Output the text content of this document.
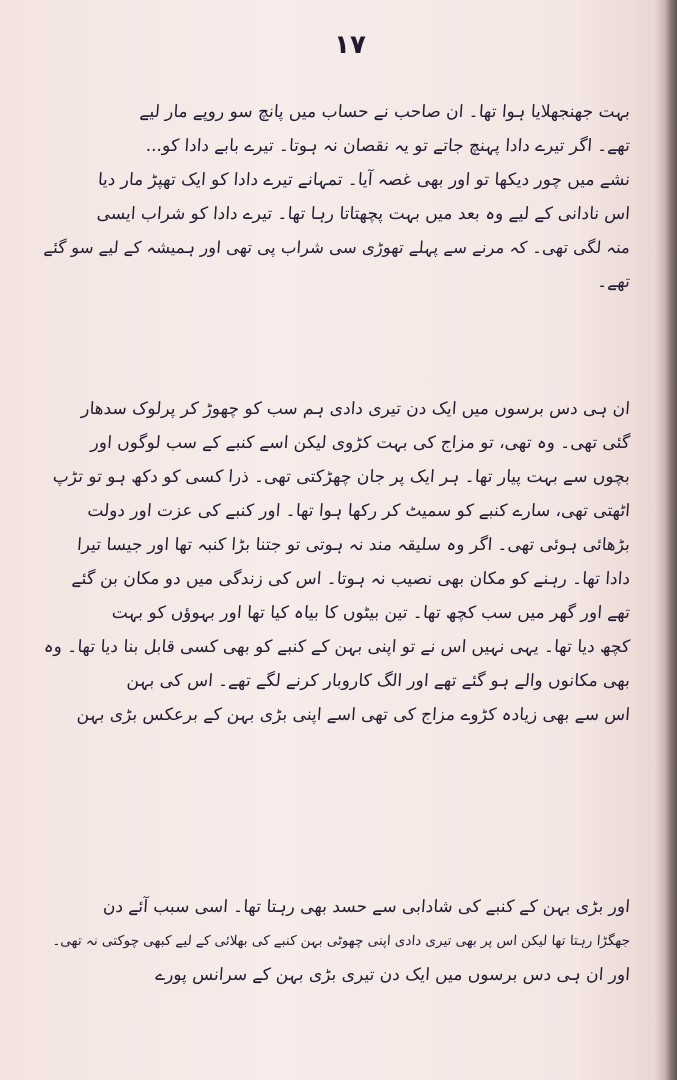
۱۷
بہت جھنجھلایا ہوا تھا۔ ان صاحب نے حساب میں پانچ سو روپے مار لیے
تھے۔ اگر تیرے دادا پہنچ جاتے تو یہ نقصان نہ ہوتا۔ تیرے بابے دادا کو...
نشے میں چور دیکھا تو اور بھی غصہ آیا۔ تمہانے تیرے دادا کو ایک تھپڑ مار دیا
اس نادانی کے لیے وہ بعد میں بہت پچھتاتا رہا تھا۔ تیرے دادا کو شراب ایسی
منہ لگی تھی۔ کہ مرنے سے پہلے تھوڑی سی شراب پی تھی اور ہمیشہ کے لیے سو گئے
تھے۔
ان ہی دس برسوں میں ایک دن تیری دادی ہم سب کو چھوڑ کر پرلوک سدھار
گئی تھی۔ وہ تھی، تو مزاج کی بہت کڑوی لیکن اسے کنبے کے سب لوگوں اور
بچوں سے بہت پیار تھا۔ ہر ایک پر جان چھڑکتی تھی۔ ذرا کسی کو دکھ ہو تو تڑپ
اٹھتی تھی، سارے کنبے کو سمیٹ کر رکھا ہوا تھا۔ اور کنبے کی عزت اور دولت
بڑھائی ہوئی تھی۔ اگر وہ سلیقہ مند نہ ہوتی تو جتنا بڑا کنبہ تھا اور جیسا تیرا
دادا تھا۔ رہنے کو مکان بھی نصیب نہ ہوتا۔ اس کی زندگی میں دو مکان بن گئے
تھے اور گھر میں سب کچھ تھا۔ تین بیٹوں کا بیاہ کیا تھا اور بہوؤں کو بہت
کچھ دیا تھا۔ یہی نہیں اس نے تو اپنی بہن کے کنبے کو بھی کسی قابل بنا دیا تھا۔ وہ
بھی مکانوں والے ہو گئے تھے اور الگ کاروبار کرنے لگے تھے۔ اس کی بہن
اس سے بھی زیادہ کڑوے مزاج کی تھی اسے اپنی بڑی بہن کے برعکس بڑی بہن
اور بڑی بہن کے کنبے کی شادابی سے حسد بھی رہتا تھا۔ اسی سبب آئے دن
جھگڑا رہتا تھا لیکن اس پر بھی تیری دادی اپنی چھوٹی بہن کنبے کی بھلائی کے لیے کبھی چوکتی نہ تھی۔
اور ان ہی دس برسوں میں ایک دن تیری بڑی بہن کے سرانس پورے
